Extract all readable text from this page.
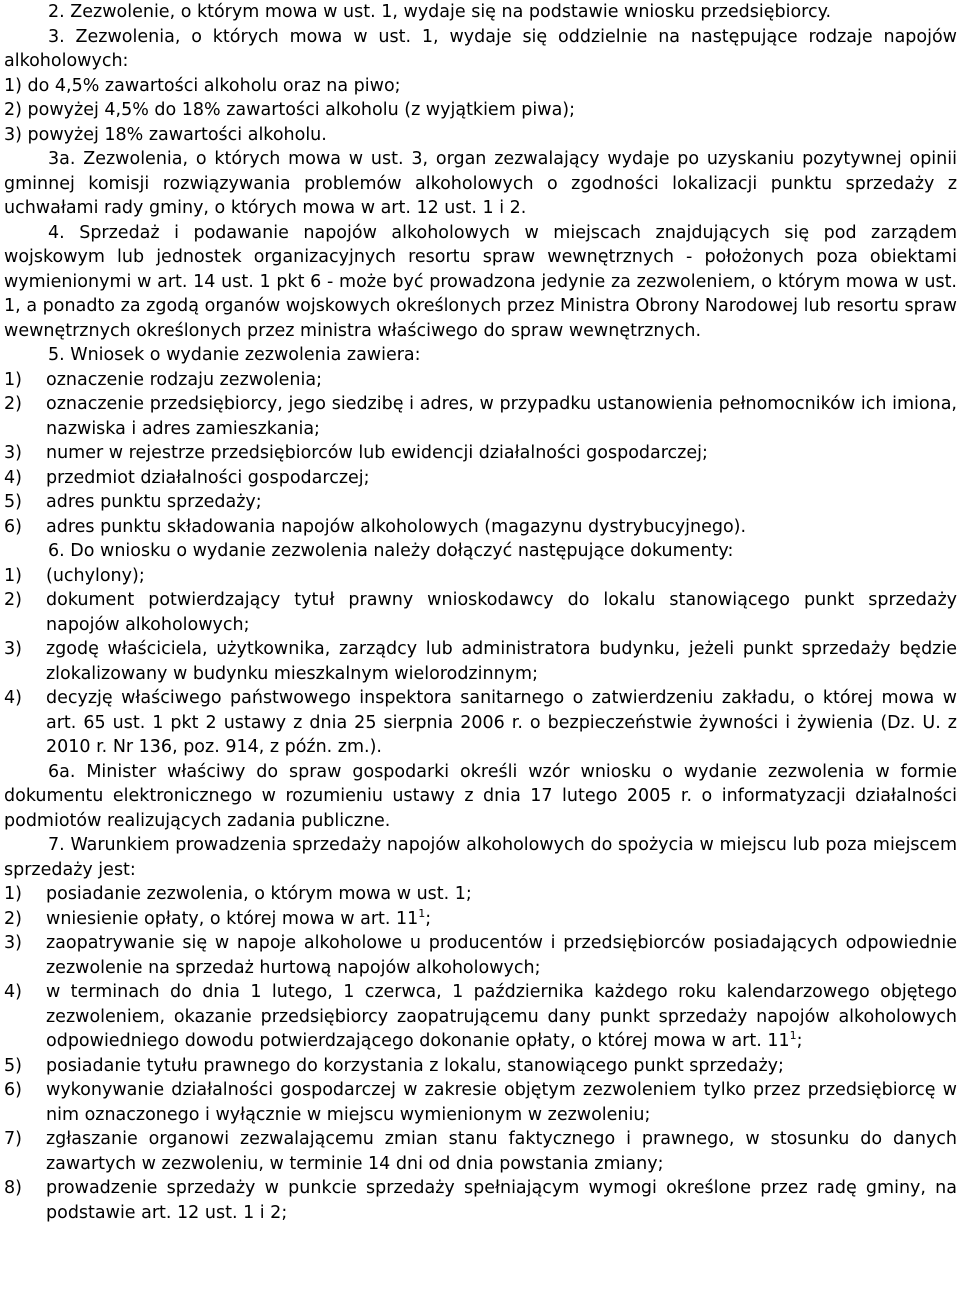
2. Zezwolenie, o którym mowa w ust. 1, wydaje się na podstawie wniosku przedsiębiorcy.

3. Zezwolenia, o których mowa w ust. 1, wydaje się oddzielnie na następujące rodzaje napojów alkoholowych:

1) do 4,5% zawartości alkoholu oraz na piwo;

2) powyżej 4,5% do 18% zawartości alkoholu (z wyjątkiem piwa);

3) powyżej 18% zawartości alkoholu.

3a. Zezwolenia, o których mowa w ust. 3, organ zezwalający wydaje po uzyskaniu pozytywnej opinii gminnej komisji rozwiązywania problemów alkoholowych o zgodności lokalizacji punktu sprzedaży z uchwałami rady gminy, o których mowa w art. 12 ust. 1 i 2.

4. Sprzedaż i podawanie napojów alkoholowych w miejscach znajdujących się pod zarządem wojskowym lub jednostek organizacyjnych resortu spraw wewnętrznych - położonych poza obiektami wymienionymi w art. 14 ust. 1 pkt 6 - może być prowadzona jedynie za zezwoleniem, o którym mowa w ust. 1, a ponadto za zgodą organów wojskowych określonych przez Ministra Obrony Narodowej lub resortu spraw wewnętrznych określonych przez ministra właściwego do spraw wewnętrznych.

5. Wniosek o wydanie zezwolenia zawiera:

1)	oznaczenie rodzaju zezwolenia;
2)	oznaczenie przedsiębiorcy, jego siedzibę i adres, w przypadku ustanowienia pełnomocników ich imiona, nazwiska i adres zamieszkania;
3)	numer w rejestrze przedsiębiorców lub ewidencji działalności gospodarczej;
4)	przedmiot działalności gospodarczej;
5)	adres punktu sprzedaży;
6)	adres punktu składowania napojów alkoholowych (magazynu dystrybucyjnego).

6. Do wniosku o wydanie zezwolenia należy dołączyć następujące dokumenty:

1)	(uchylony);
2)	dokument potwierdzający tytuł prawny wnioskodawcy do lokalu stanowiącego punkt sprzedaży napojów alkoholowych;
3)	zgodę właściciela, użytkownika, zarządcy lub administratora budynku, jeżeli punkt sprzedaży będzie zlokalizowany w budynku mieszkalnym wielorodzinnym;
4)	decyzję właściwego państwowego inspektora sanitarnego o zatwierdzeniu zakładu, o której mowa w art. 65 ust. 1 pkt 2 ustawy z dnia 25 sierpnia 2006 r. o bezpieczeństwie żywności i żywienia (Dz. U. z 2010 r. Nr 136, poz. 914, z późn. zm.).

6a. Minister właściwy do spraw gospodarki określi wzór wniosku o wydanie zezwolenia w formie dokumentu elektronicznego w rozumieniu ustawy z dnia 17 lutego 2005 r. o informatyzacji działalności podmiotów realizujących zadania publiczne.

7. Warunkiem prowadzenia sprzedaży napojów alkoholowych do spożycia w miejscu lub poza miejscem sprzedaży jest:

1)	posiadanie zezwolenia, o którym mowa w ust. 1;
2)	wniesienie opłaty, o której mowa w art. $11^1$;
3)	zaopatrywanie się w napoje alkoholowe u producentów i przedsiębiorców posiadających odpowiednie zezwolenie na sprzedaż hurtową napojów alkoholowych;
4)	w terminach do dnia 1 lutego, 1 czerwca, 1 października każdego roku kalendarzowego objętego zezwoleniem, okazanie przedsiębiorcy zaopatrującemu dany punkt sprzedaży napojów alkoholowych odpowiedniego dowodu potwierdzającego dokonanie opłaty, o której mowa w art. $11^1$;
5)	posiadanie tytułu prawnego do korzystania z lokalu, stanowiącego punkt sprzedaży;
6)	wykonywanie działalności gospodarczej w zakresie objętym zezwoleniem tylko przez przedsiębiorcę w nim oznaczonego i wyłącznie w miejscu wymienionym w zezwoleniu;
7)	zgłaszanie organowi zezwalającemu zmian stanu faktycznego i prawnego, w stosunku do danych zawartych w zezwoleniu, w terminie 14 dni od dnia powstania zmiany;
8)	prowadzenie sprzedaży w punkcie sprzedaży spełniającym wymogi określone przez radę gminy, na podstawie art. 12 ust. 1 i 2;
